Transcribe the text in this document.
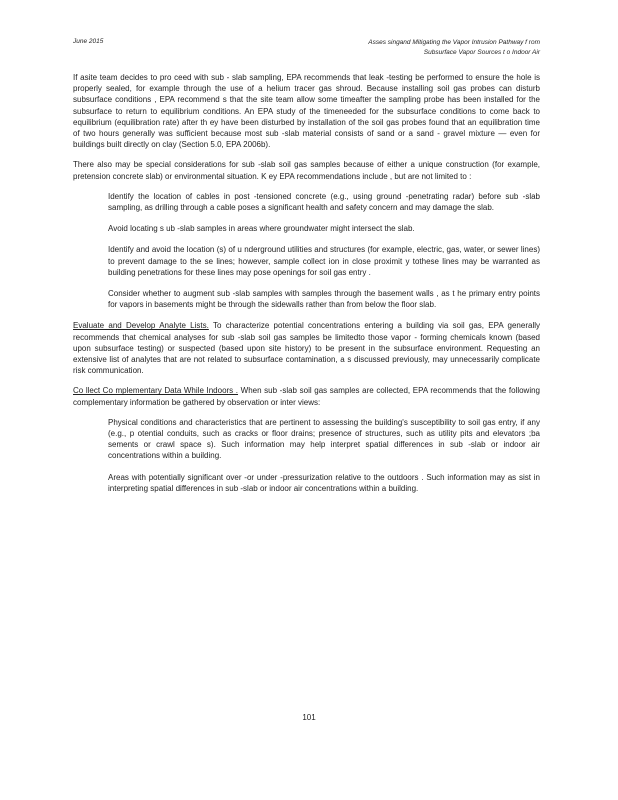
June 2015	Asses singand Mitigating the Vapor Intrusion Pathway f rom
Subsurface Vapor Sources t o Indoor Air

If asite team decides to pro ceed with sub - slab sampling, EPA recommends that leak -testing be performed to ensure the hole is properly sealed, for example through the use of a helium tracer gas shroud. Because installing soil gas probes can disturb subsurface conditions , EPA recommend s that the site team allow some timeafter the sampling probe has been installed for the subsurface to return to equilibrium conditions. An EPA study of the timeneeded for the subsurface conditions to come back to equilibrium (equilibration rate) after th ey have been disturbed by installation of the soil gas probes found that an equilibration time of two hours generally was sufficient because most sub -slab material consists of sand or a sand - gravel mixture — even for buildings built directly on clay (Section 5.0, EPA 2006b).

There also may be special considerations for sub -slab soil gas samples because of either a unique construction (for example, pretension concrete slab) or environmental situation. K ey EPA recommendations include , but are not limited to :

Identify the location of cables in post -tensioned concrete (e.g., using ground -penetrating radar) before sub -slab sampling, as drilling through a cable poses a significant health and safety concern and may damage the slab.
Avoid locating s ub -slab samples in areas where groundwater might intersect the slab.
Identify and avoid the location (s) of u nderground utilities and structures (for example, electric, gas, water, or sewer lines) to prevent damage to the se lines; however, sample collect ion in close proximit y tothese lines may be warranted as building penetrations for these lines may pose openings for soil gas entry .
Consider whether to augment sub -slab samples with samples through the basement walls , as t he primary entry points for vapors in basements might be through the sidewalls rather than from below the floor slab.

Evaluate and Develop Analyte Lists. To characterize potential concentrations entering a building via soil gas, EPA generally recommends that chemical analyses for sub -slab soil gas samples be limitedto those vapor - forming chemicals known (based upon subsurface testing) or suspected (based upon site history) to be present in the subsurface environment. Requesting an extensive list of analytes that are not related to subsurface contamination, a s discussed previously, may unnecessarily complicate risk communication.

Co llect Co mplementary Data While Indoors . When sub -slab soil gas samples are collected, EPA recommends that the following complementary information be gathered by observation or inter views:

Physical conditions and characteristics that are pertinent to assessing the building's susceptibility to soil gas entry, if any (e.g., p otential conduits, such as cracks or floor drains; presence of structures, such as utility pits and elevators ;ba sements or crawl space s). Such information may help interpret spatial differences in sub -slab or indoor air concentrations within a building.
Areas with potentially significant over -or under -pressurization relative to the outdoors . Such information may as sist in interpreting spatial differences in sub -slab or indoor air concentrations within a building.
101
